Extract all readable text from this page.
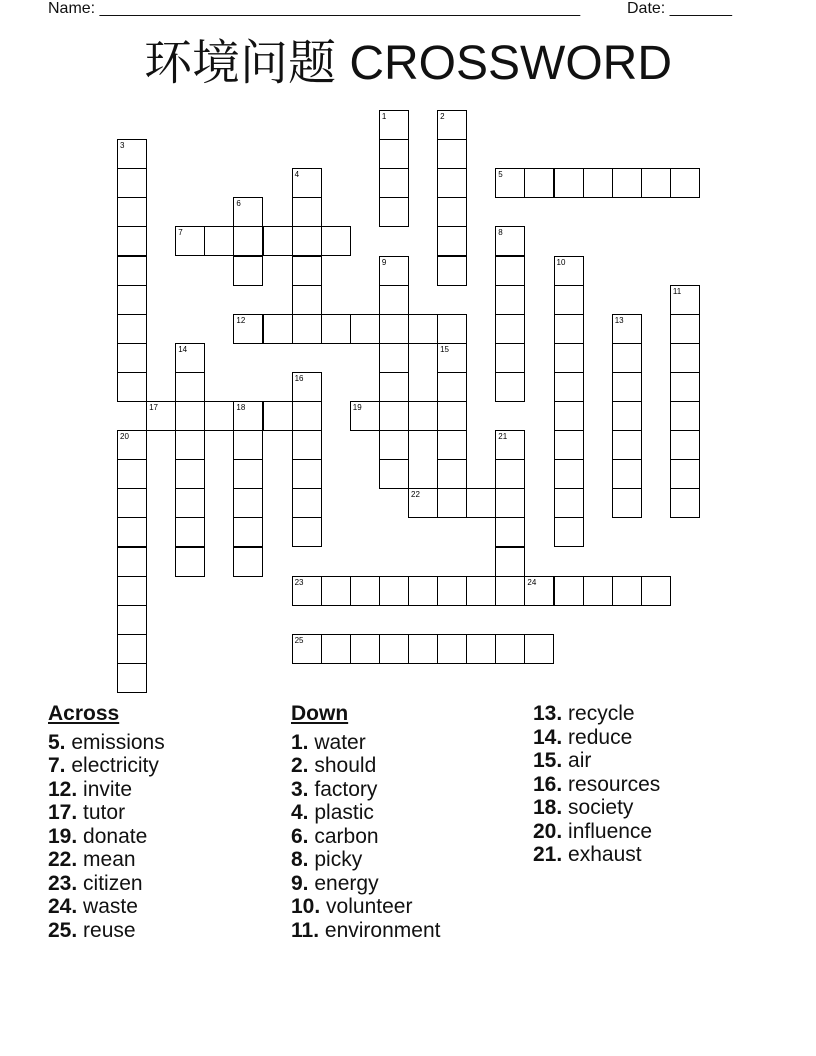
Name: ______________________________________________________	Date: _______
环境问题 CROSSWORD
1	2
3
4	5
6
7	8
9	10
11
12	13
14	15
16
17	18	19
20	21
22
23	24
25
Across
5. emissions
7. electricity
12. invite
17. tutor
19. donate
22. mean
23. citizen
24. waste
25. reuse
Down
1. water
2. should
3. factory
4. plastic
6. carbon
8. picky
9. energy
10. volunteer
11. environment
13. recycle
14. reduce
15. air
16. resources
18. society
20. influence
21. exhaust
